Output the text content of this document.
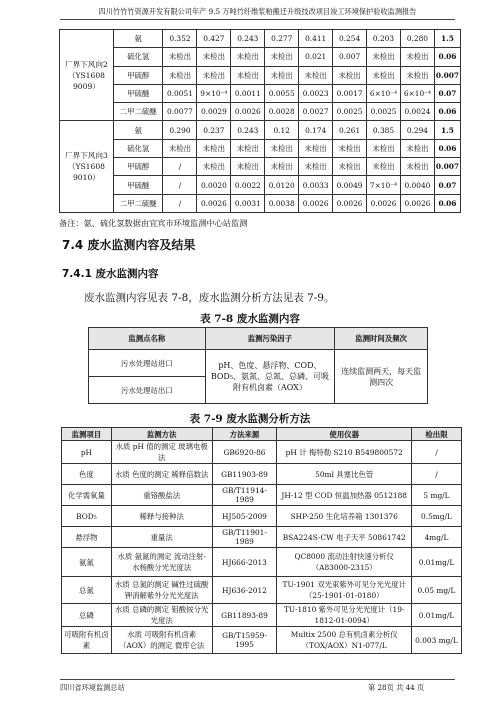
四川竹竹竹资源开发有限公司年产 9.5 万吨竹纤维浆粕搬迁升级技改项目竣工环境保护验收监测报告
厂界下风向2（YS1608 9009）	氨	0.352	0.427	0.243	0.277	0.411	0.254	0.203	0.280	1.5
	硫化氢	未检出	未检出	未检出	未检出	0.021	0.007	未检出	未检出	0.06
	甲硫醇	未检出	未检出	未检出	未检出	未检出	未检出	未检出	未检出	0.007
	甲硫醚	0.0051	9×10⁻⁴	0.0011	0.0055	0.0023	0.0017	6×10⁻⁴	6×10⁻⁴	0.07
	二甲二硫醚	0.0077	0.0029	0.0026	0.0028	0.0027	0.0025	0.0025	0.0024	0.06
厂界下风向3（YS1608 9010）	氨	0.290	0.237	0.243	0.12	0.174	0.261	0.385	0.294	1.5
	硫化氢	未检出	未检出	未检出	未检出	未检出	未检出	未检出	未检出	0.06
	甲硫醇	/	未检出	未检出	未检出	未检出	未检出	未检出	未检出	0.007
	甲硫醚	/	0.0020	0.0022	0.0120	0.0033	0.0049	7×10⁻⁴	0.0040	0.07
	二甲二硫醚	/	0.0026	0.0031	0.0038	0.0026	0.0026	0.0026	0.0026	0.06
备注：氨、硫化氢数据由宜宾市环境监测中心站监测
7.4 废水监测内容及结果
7.4.1 废水监测内容
废水监测内容见表 7-8，废水监测分析方法见表 7-9。
表 7-8 废水监测内容
监测点名称	监测污染因子	监测时间及频次
污水处理站进口	pH、色度、悬浮物、COD、BOD₅、氨氮、总氮、总磷、可吸附有机卤素（AOX）	连续监测两天，每天监测四次
污水处理站出口		
表 7-9 废水监测分析方法
监测项目	监测方法	方法来源	使用仪器	检出限
pH	水质 pH 值的测定 玻璃电极法	GB6920-86	pH 计 梅特勒 S210 B549800572	/
色度	水质 色度的测定 稀释倍数法	GB11903-89	50ml 具塞比色管	/
化学需氧量	重铬酸盐法	GB/T11914-1989	JH-12 型 COD 恒温加热器 0512188	5 mg/L
BOD₅	稀释与接种法	HJ505-2009	SHP-250 生化培养箱 1301376	0.5mg/L
悬浮物	重量法	GB/T11901-1989	BSA224S-CW 电子天平 50861742	4mg/L
氨氮	水质 氨氮的测定 流动注射-水杨酸分光光度法	HJ666-2013	QC8000 流动注射快速分析仪（A83000-2315）	0.01mg/L
总氮	水质 总氮的测定 碱性过硫酸钾消解紫外分光光度法	HJ636-2012	TU-1901 双光束紫外可见分光光度计（25-1901-01-0180）	0.05 mg/L
总磷	水质 总磷的测定 钼酸铵分光光度法	GB11893-89	TU-1810 紫外可见分光光度计（19-1812-01-0094）	0.01mg/L
可吸附有机卤素	水质 可吸附有机卤素（AOX）的测定 微库仑法	GB/T15959-1995	Multix 2500 总有机卤素分析仪（TOX/AOX）N1-077/L	0.003 mg/L
四川省环境监测总站	第 28页 共 44 页
